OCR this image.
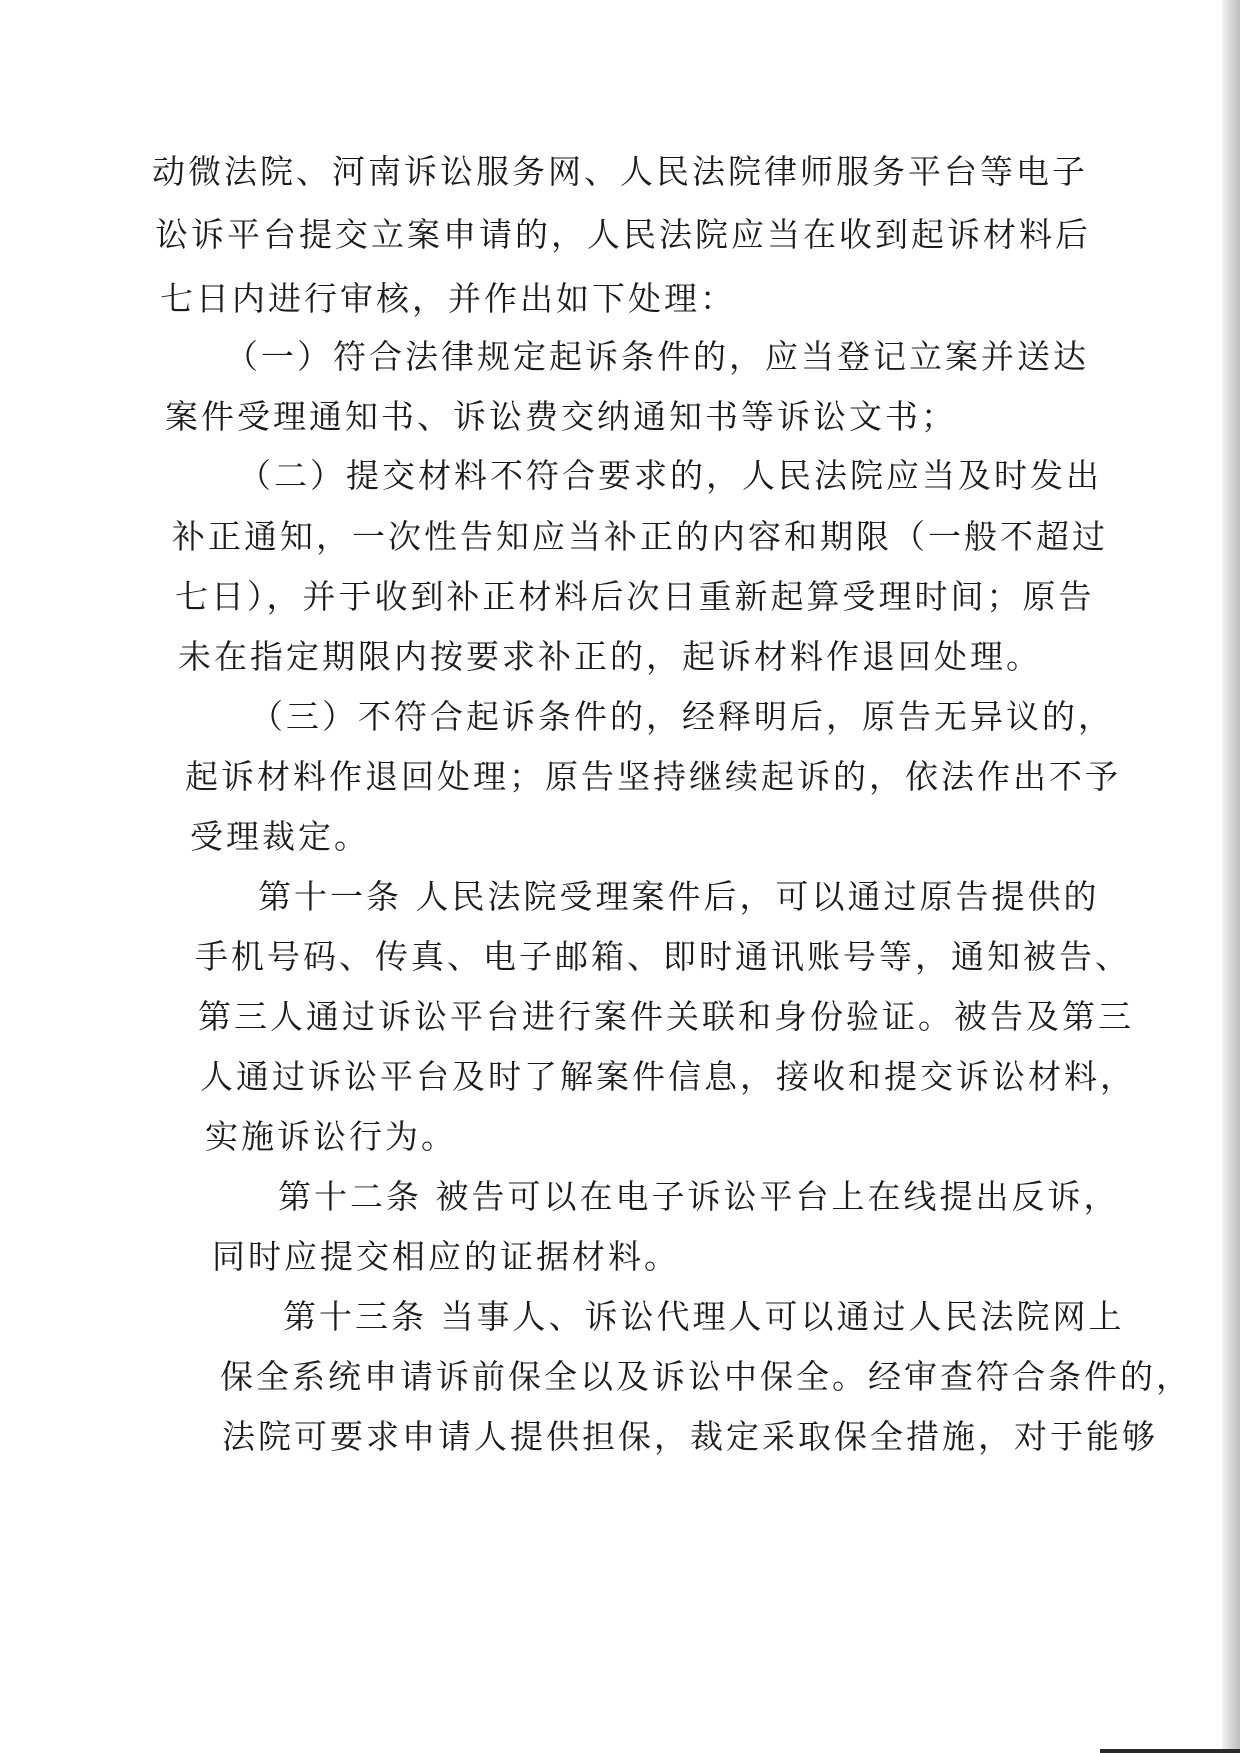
动微法院、河南诉讼服务网、人民法院律师服务平台等电子
讼诉平台提交立案申请的，人民法院应当在收到起诉材料后
七日内进行审核，并作出如下处理：
（一）符合法律规定起诉条件的，应当登记立案并送达
案件受理通知书、诉讼费交纳通知书等诉讼文书；
（二）提交材料不符合要求的，人民法院应当及时发出
补正通知，一次性告知应当补正的内容和期限（一般不超过
七日），并于收到补正材料后次日重新起算受理时间；原告
未在指定期限内按要求补正的，起诉材料作退回处理。
（三）不符合起诉条件的，经释明后，原告无异议的，
起诉材料作退回处理；原告坚持继续起诉的，依法作出不予
受理裁定。
第十一条 人民法院受理案件后，可以通过原告提供的
手机号码、传真、电子邮箱、即时通讯账号等，通知被告、
第三人通过诉讼平台进行案件关联和身份验证。被告及第三
人通过诉讼平台及时了解案件信息，接收和提交诉讼材料，
实施诉讼行为。
第十二条 被告可以在电子诉讼平台上在线提出反诉，
同时应提交相应的证据材料。
第十三条 当事人、诉讼代理人可以通过人民法院网上
保全系统申请诉前保全以及诉讼中保全。经审查符合条件的，
法院可要求申请人提供担保，裁定采取保全措施，对于能够
